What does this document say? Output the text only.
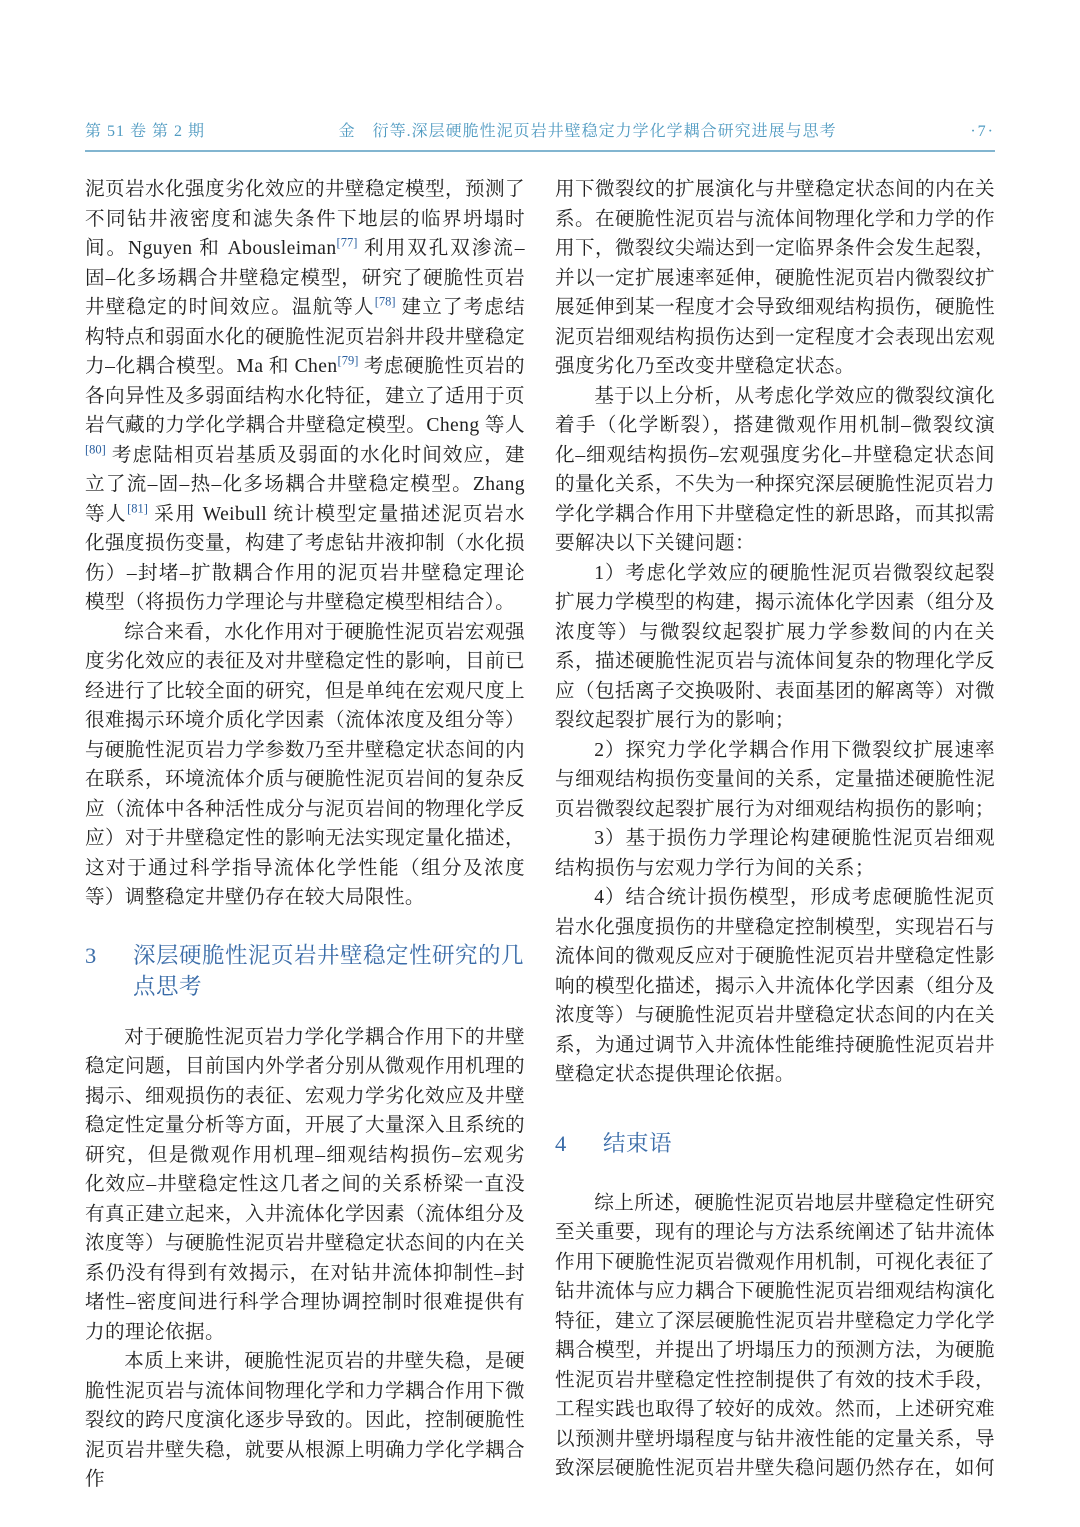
第 51 卷 第 2 期	金　衍等.深层硬脆性泥页岩井壁稳定力学化学耦合研究进展与思考	·7·

泥页岩水化强度劣化效应的井壁稳定模型，预测了不同钻井液密度和滤失条件下地层的临界坍塌时间。Nguyen 和 Abousleiman[77] 利用双孔双渗流–固–化多场耦合井壁稳定模型，研究了硬脆性页岩井壁稳定的时间效应。温航等人[78] 建立了考虑结构特点和弱面水化的硬脆性泥页岩斜井段井壁稳定力–化耦合模型。Ma 和 Chen[79] 考虑硬脆性页岩的各向异性及多弱面结构水化特征，建立了适用于页岩气藏的力学化学耦合井壁稳定模型。Cheng 等人[80] 考虑陆相页岩基质及弱面的水化时间效应，建立了流–固–热–化多场耦合井壁稳定模型。Zhang 等人[81] 采用 Weibull 统计模型定量描述泥页岩水化强度损伤变量，构建了考虑钻井液抑制（水化损伤）–封堵–扩散耦合作用的泥页岩井壁稳定理论模型（将损伤力学理论与井壁稳定模型相结合）。

综合来看，水化作用对于硬脆性泥页岩宏观强度劣化效应的表征及对井壁稳定性的影响，目前已经进行了比较全面的研究，但是单纯在宏观尺度上很难揭示环境介质化学因素（流体浓度及组分等）与硬脆性泥页岩力学参数乃至井壁稳定状态间的内在联系，环境流体介质与硬脆性泥页岩间的复杂反应（流体中各种活性成分与泥页岩间的物理化学反应）对于井壁稳定性的影响无法实现定量化描述，这对于通过科学指导流体化学性能（组分及浓度等）调整稳定井壁仍存在较大局限性。

3	深层硬脆性泥页岩井壁稳定性研究的几点思考

对于硬脆性泥页岩力学化学耦合作用下的井壁稳定问题，目前国内外学者分别从微观作用机理的揭示、细观损伤的表征、宏观力学劣化效应及井壁稳定性定量分析等方面，开展了大量深入且系统的研究，但是微观作用机理–细观结构损伤–宏观劣化效应–井壁稳定性这几者之间的关系桥梁一直没有真正建立起来，入井流体化学因素（流体组分及浓度等）与硬脆性泥页岩井壁稳定状态间的内在关系仍没有得到有效揭示，在对钻井流体抑制性–封堵性–密度间进行科学合理协调控制时很难提供有力的理论依据。

本质上来讲，硬脆性泥页岩的井壁失稳，是硬脆性泥页岩与流体间物理化学和力学耦合作用下微裂纹的跨尺度演化逐步导致的。因此，控制硬脆性泥页岩井壁失稳，就要从根源上明确力学化学耦合作

用下微裂纹的扩展演化与井壁稳定状态间的内在关系。在硬脆性泥页岩与流体间物理化学和力学的作用下，微裂纹尖端达到一定临界条件会发生起裂，并以一定扩展速率延伸，硬脆性泥页岩内微裂纹扩展延伸到某一程度才会导致细观结构损伤，硬脆性泥页岩细观结构损伤达到一定程度才会表现出宏观强度劣化乃至改变井壁稳定状态。

基于以上分析，从考虑化学效应的微裂纹演化着手（化学断裂），搭建微观作用机制–微裂纹演化–细观结构损伤–宏观强度劣化–井壁稳定状态间的量化关系，不失为一种探究深层硬脆性泥页岩力学化学耦合作用下井壁稳定性的新思路，而其拟需要解决以下关键问题：

1）考虑化学效应的硬脆性泥页岩微裂纹起裂扩展力学模型的构建，揭示流体化学因素（组分及浓度等）与微裂纹起裂扩展力学参数间的内在关系，描述硬脆性泥页岩与流体间复杂的物理化学反应（包括离子交换吸附、表面基团的解离等）对微裂纹起裂扩展行为的影响；

2）探究力学化学耦合作用下微裂纹扩展速率与细观结构损伤变量间的关系，定量描述硬脆性泥页岩微裂纹起裂扩展行为对细观结构损伤的影响；

3）基于损伤力学理论构建硬脆性泥页岩细观结构损伤与宏观力学行为间的关系；

4）结合统计损伤模型，形成考虑硬脆性泥页岩水化强度损伤的井壁稳定控制模型，实现岩石与流体间的微观反应对于硬脆性泥页岩井壁稳定性影响的模型化描述，揭示入井流体化学因素（组分及浓度等）与硬脆性泥页岩井壁稳定状态间的内在关系，为通过调节入井流体性能维持硬脆性泥页岩井壁稳定状态提供理论依据。

4	结束语

综上所述，硬脆性泥页岩地层井壁稳定性研究至关重要，现有的理论与方法系统阐述了钻井流体作用下硬脆性泥页岩微观作用机制，可视化表征了钻井流体与应力耦合下硬脆性泥页岩细观结构演化特征，建立了深层硬脆性泥页岩井壁稳定力学化学耦合模型，并提出了坍塌压力的预测方法，为硬脆性泥页岩井壁稳定性控制提供了有效的技术手段，工程实践也取得了较好的成效。然而，上述研究难以预测井壁坍塌程度与钻井液性能的定量关系，导致深层硬脆性泥页岩井壁失稳问题仍然存在，如何
